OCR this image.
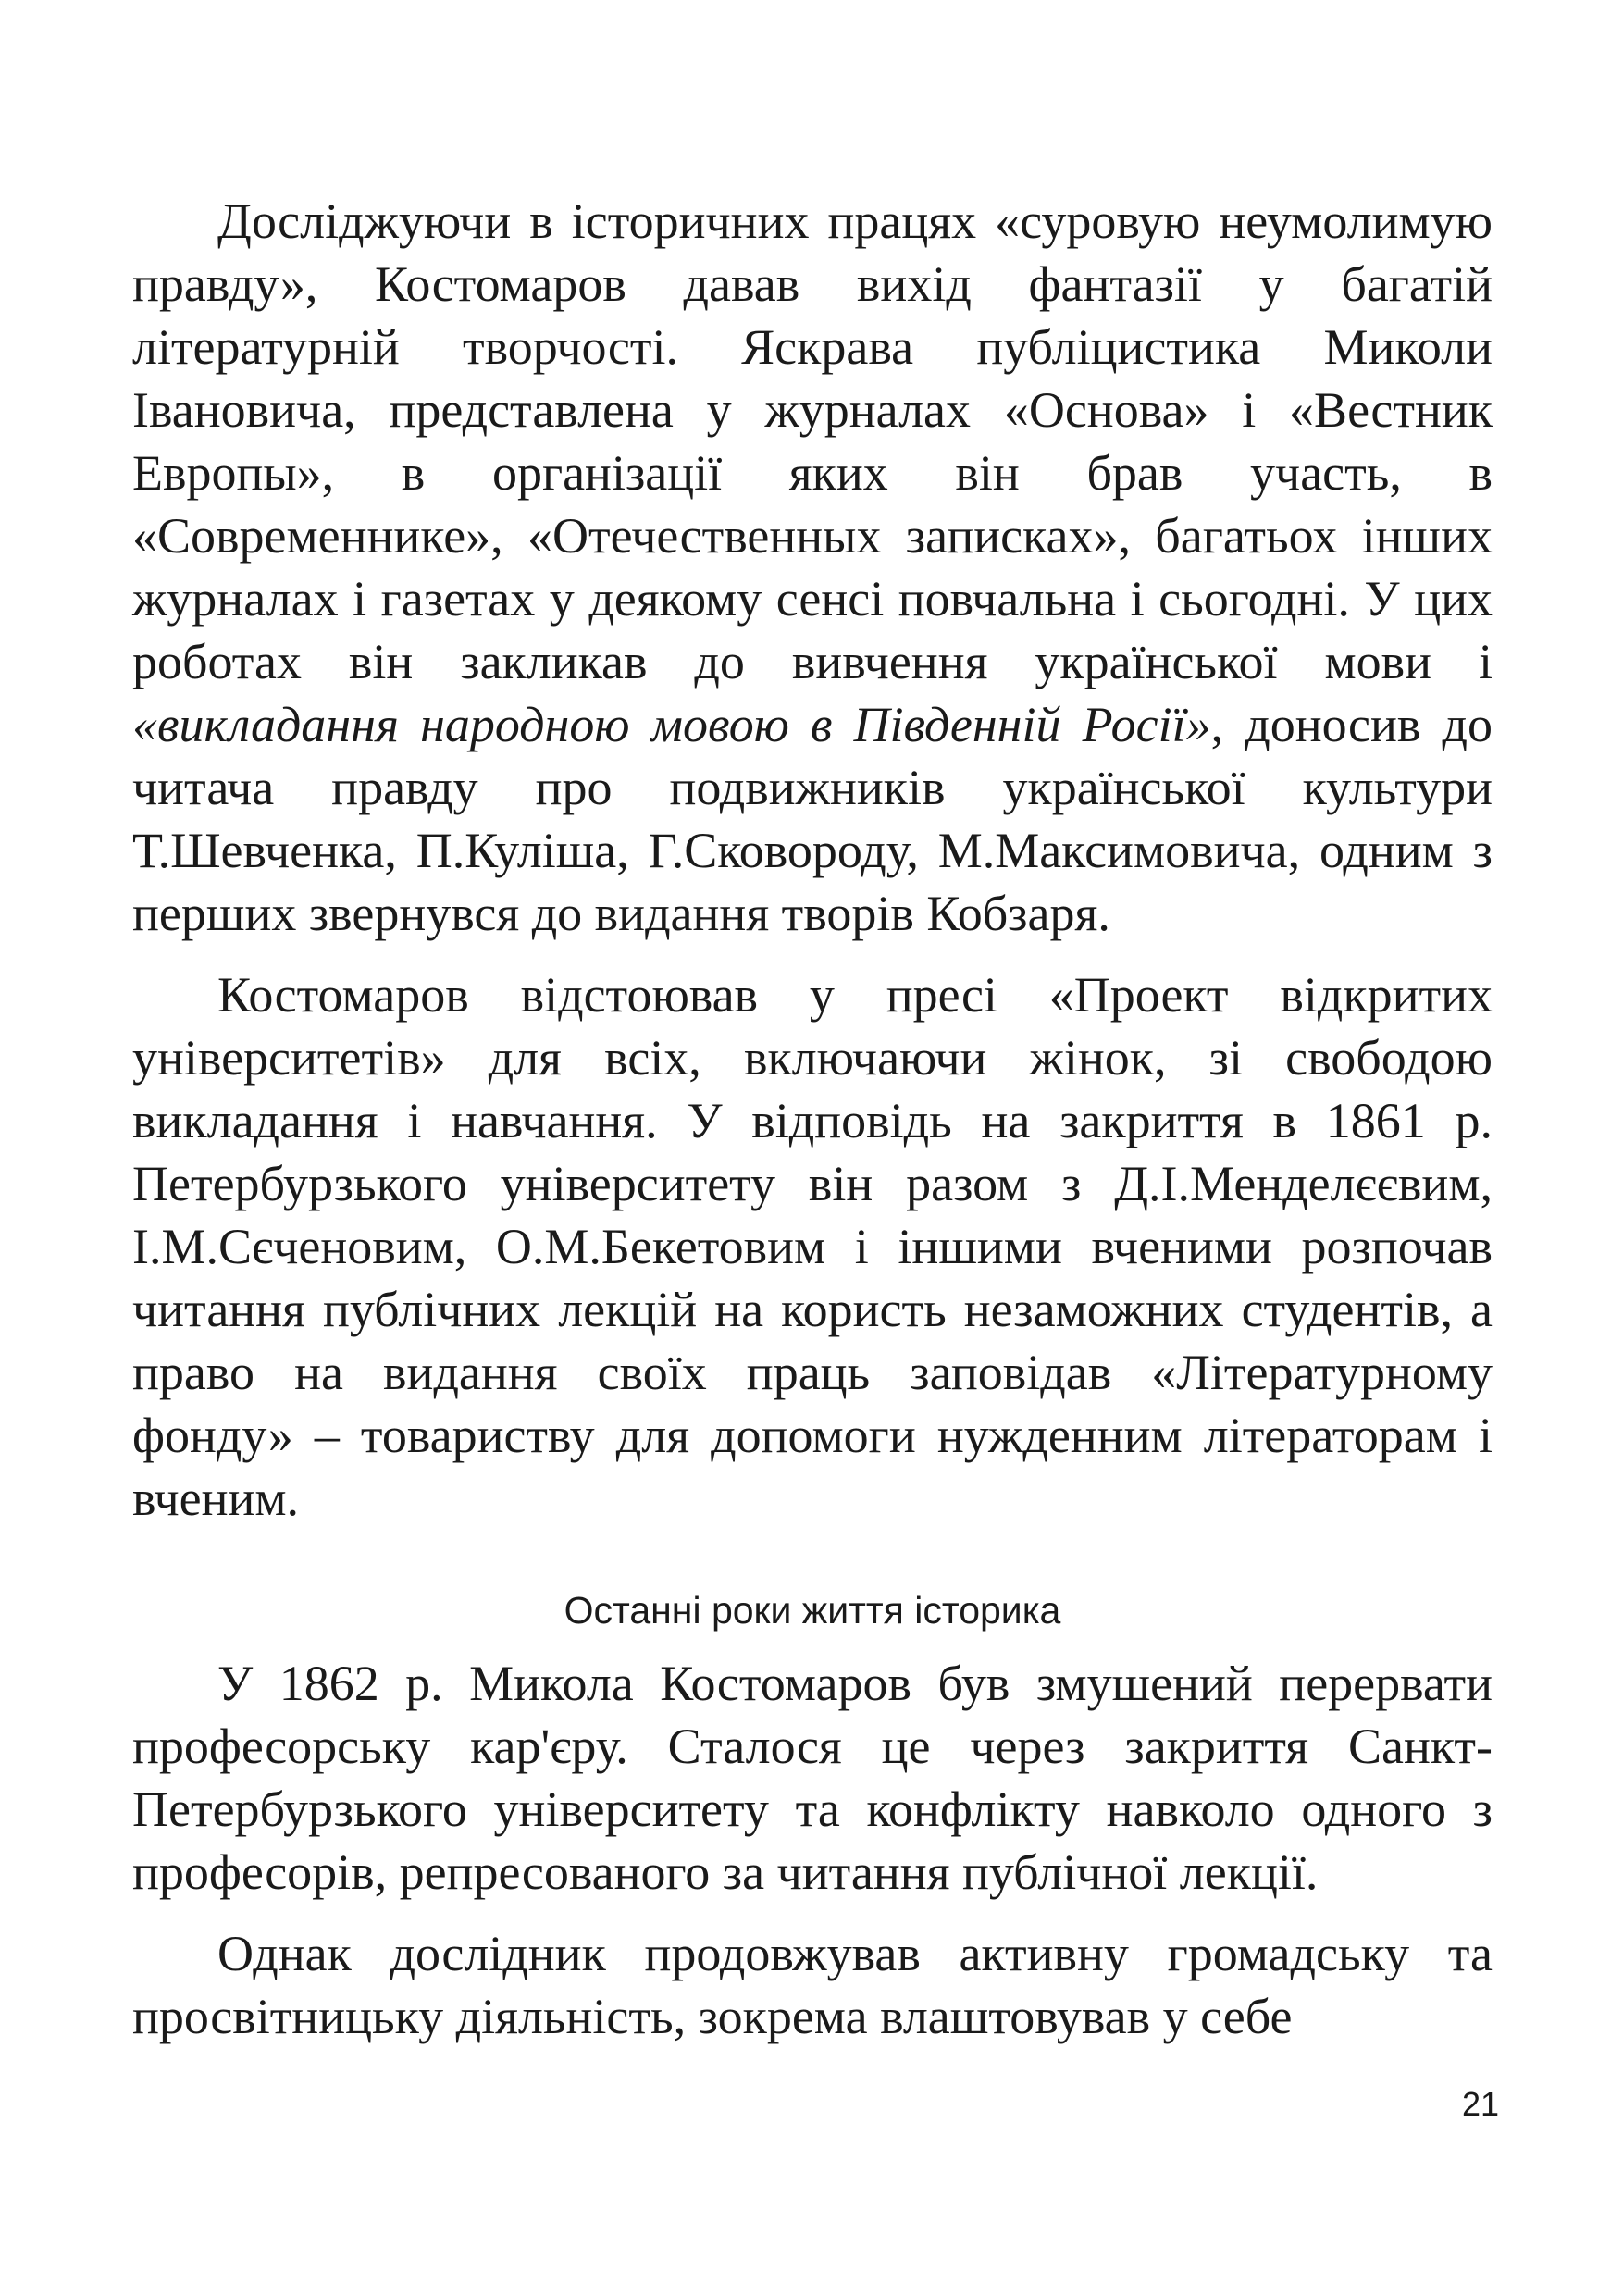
Досліджуючи в історичних працях «суровую неумолимую правду», Костомаров давав вихід фантазії у багатій літературній творчості. Яскрава публіцистика Миколи Івановича, представлена у журналах «Основа» і «Вестник Европы», в організації яких він брав участь, в «Современнике», «Отечественных записках», багатьох інших журналах і газетах у деякому сенсі повчальна і сьогодні. У цих роботах він закликав до вивчення української мови і «викладання народною мовою в Південній Росії», доносив до читача правду про подвижників української культури Т.Шевченка, П.Куліша, Г.Сковороду, М.Максимовича, одним з перших звернувся до видання творів Кобзаря.

Костомаров відстоював у пресі «Проект відкритих університетів» для всіх, включаючи жінок, зі свободою викладання і навчання. У відповідь на закриття в 1861 р. Петербурзького університету він разом з Д.І.Менделєєвим, І.М.Сєченовим, О.М.Бекетовим і іншими вченими розпочав читання публічних лекцій на користь незаможних студентів, а право на видання своїх праць заповідав «Літературному фонду» – товариству для допомоги нужденним літераторам і вченим.

Останні роки життя історика

У 1862 р. Микола Костомаров був змушений перервати професорську кар'єру. Сталося це через закриття Санкт-Петербурзького університету та конфлікту навколо одного з професорів, репресованого за читання публічної лекції.

Однак дослідник продовжував активну громадську та просвітницьку діяльність, зокрема влаштовував у себе

21
